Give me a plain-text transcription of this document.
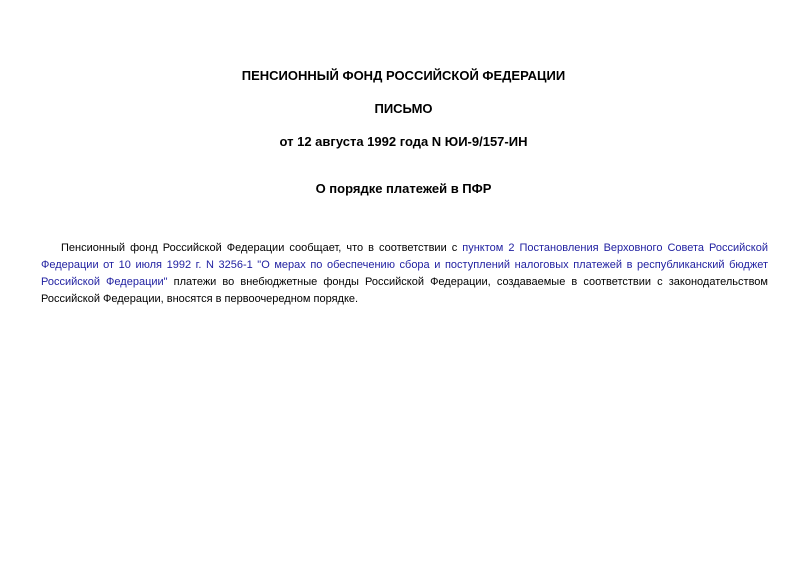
ПЕНСИОННЫЙ ФОНД РОССИЙСКОЙ ФЕДЕРАЦИИ

ПИСЬМО

от 12 августа 1992 года N ЮИ-9/157-ИН

О порядке платежей в ПФР

Пенсионный фонд Российской Федерации сообщает, что в соответствии с пунктом 2 Постановления Верховного Совета Российской Федерации от 10 июля 1992 г. N 3256-1 "О мерах по обеспечению сбора и поступлений налоговых платежей в республиканский бюджет Российской Федерации" платежи во внебюджетные фонды Российской Федерации, создаваемые в соответствии с законодательством Российской Федерации, вносятся в первоочередном порядке.
